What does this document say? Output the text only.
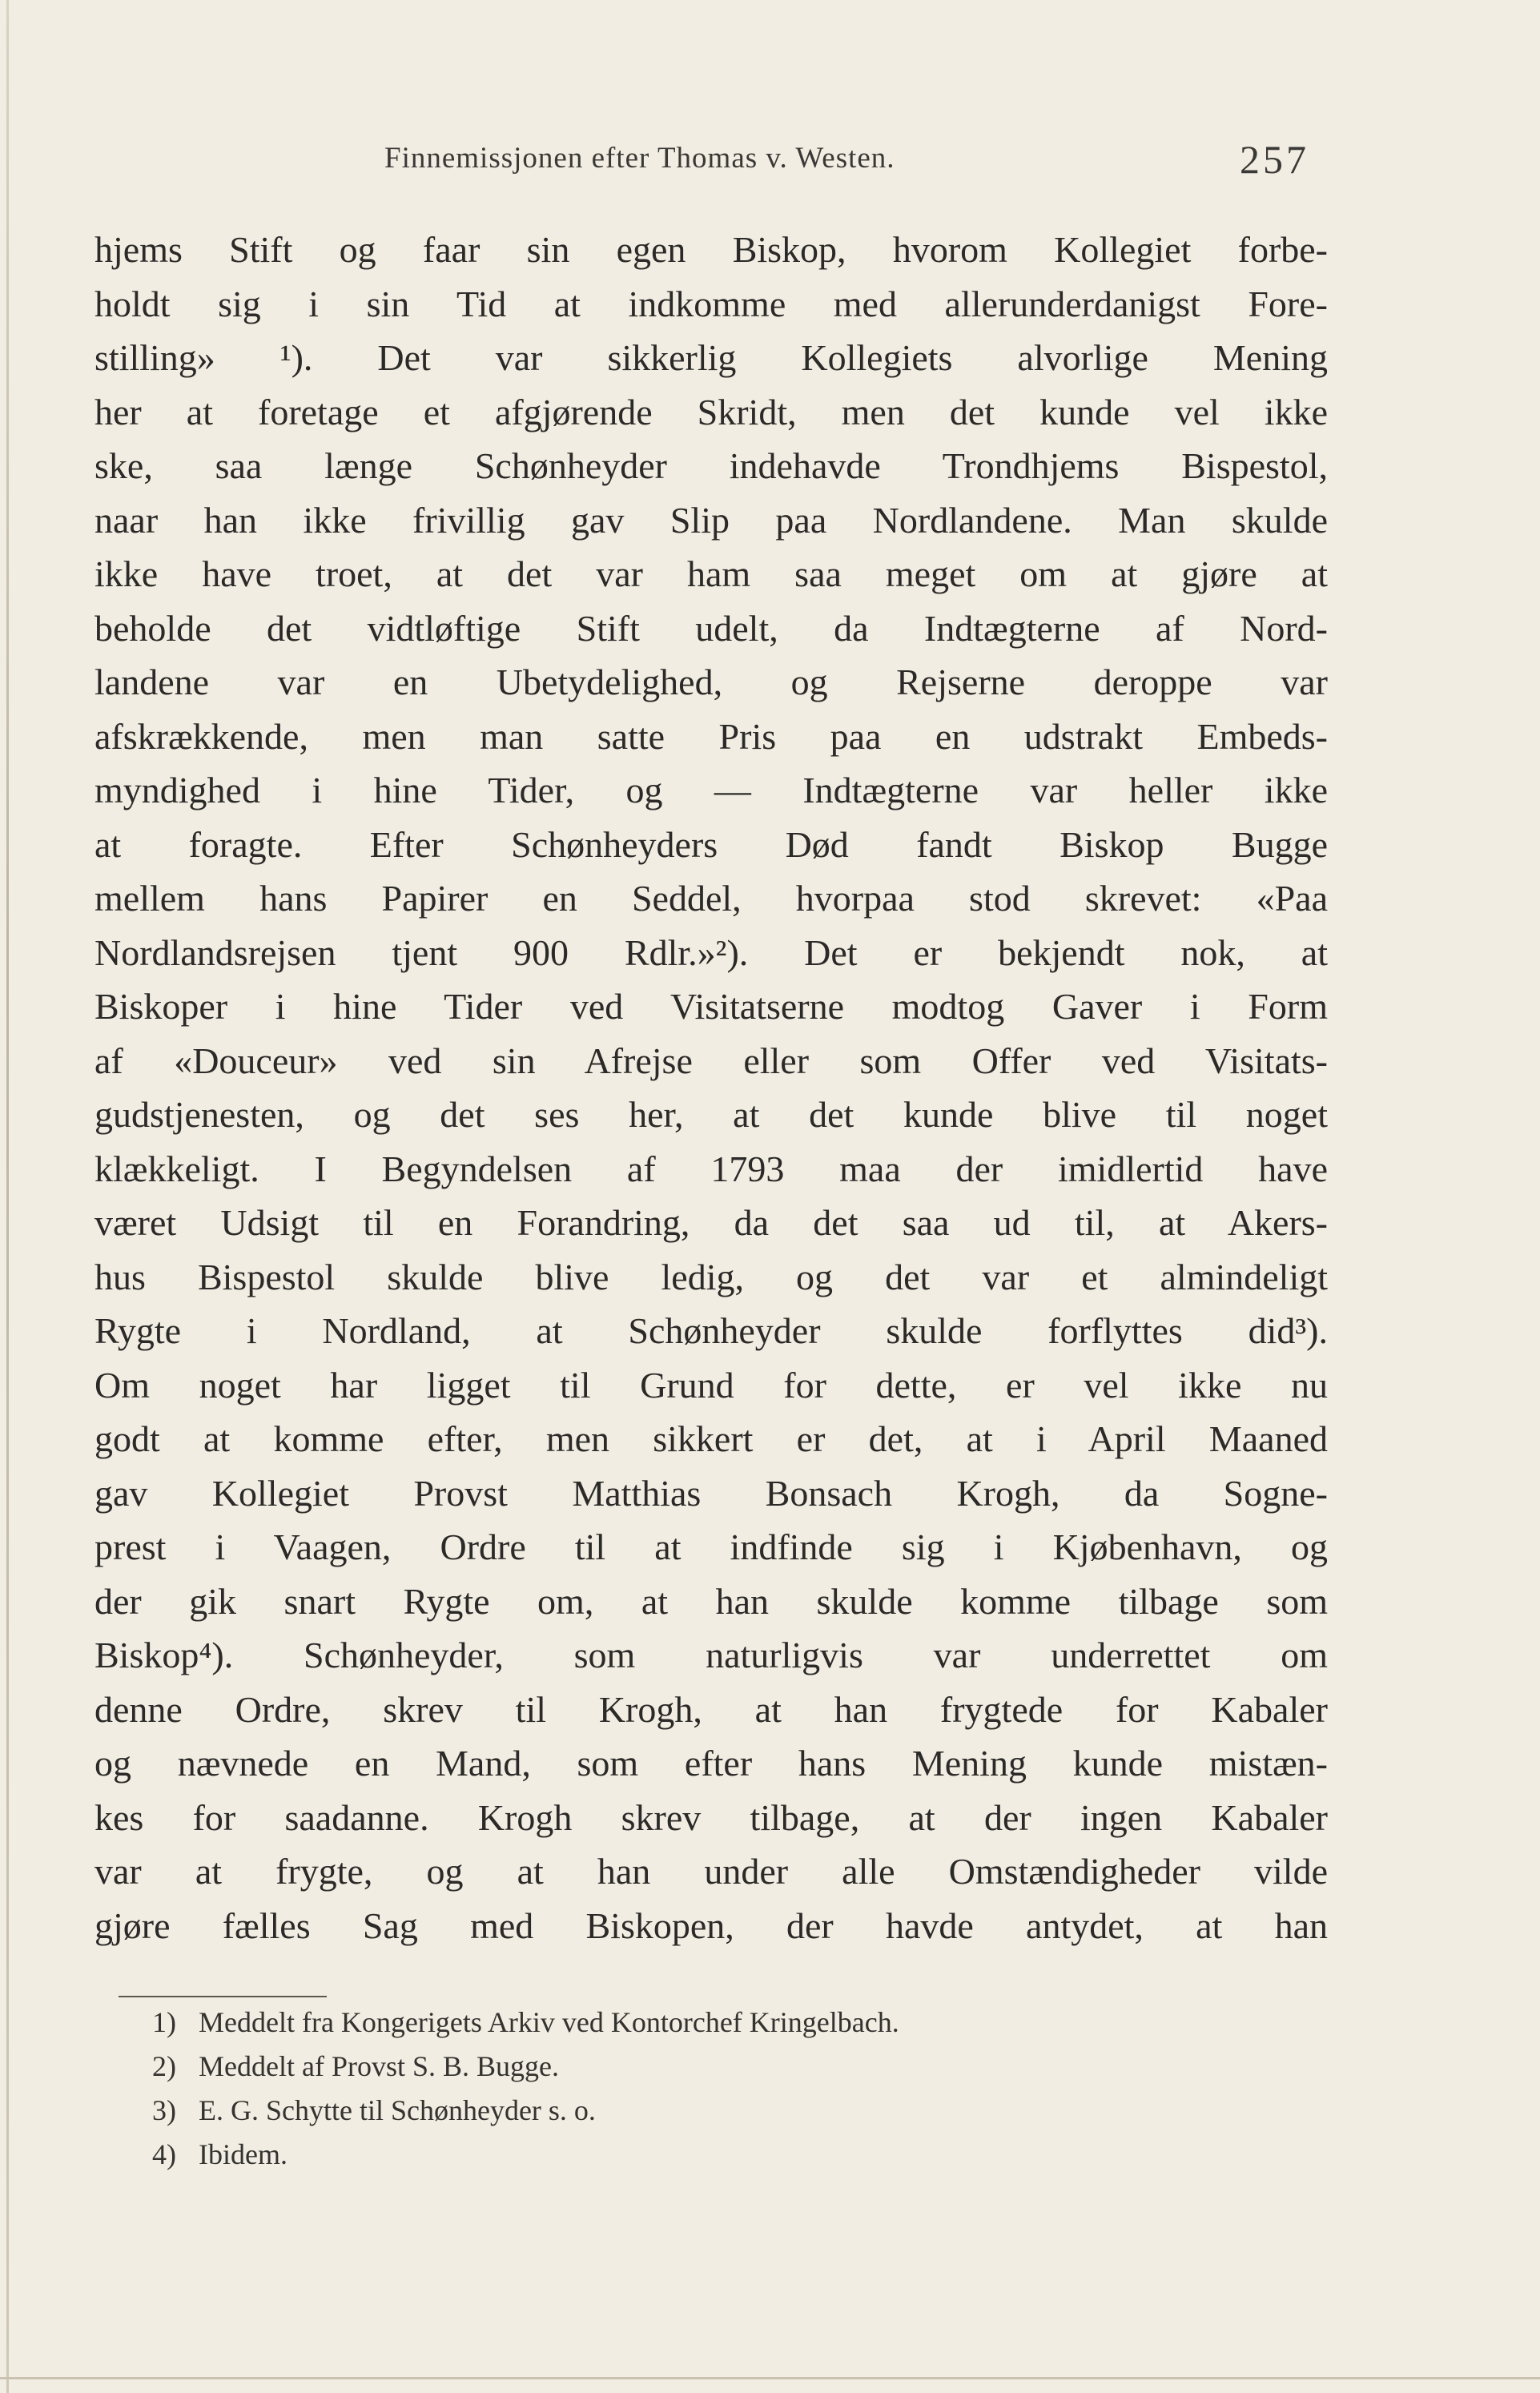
Finnemissjonen efter Thomas v. Westen.	257
hjems Stift og faar sin egen Biskop, hvorom Kollegiet forbe-
holdt sig i sin Tid at indkomme med allerunderdanigst Fore-
stilling» ¹). Det var sikkerlig Kollegiets alvorlige Mening
her at foretage et afgjørende Skridt, men det kunde vel ikke
ske, saa længe Schønheyder indehavde Trondhjems Bispestol,
naar han ikke frivillig gav Slip paa Nordlandene. Man skulde
ikke have troet, at det var ham saa meget om at gjøre at
beholde det vidtløftige Stift udelt, da Indtægterne af Nord-
landene var en Ubetydelighed, og Rejserne deroppe var
afskrækkende, men man satte Pris paa en udstrakt Embeds-
myndighed i hine Tider, og — Indtægterne var heller ikke
at foragte. Efter Schønheyders Død fandt Biskop Bugge
mellem hans Papirer en Seddel, hvorpaa stod skrevet: «Paa
Nordlandsrejsen tjent 900 Rdlr.»²). Det er bekjendt nok, at
Biskoper i hine Tider ved Visitatserne modtog Gaver i Form
af «Douceur» ved sin Afrejse eller som Offer ved Visitats-
gudstjenesten, og det ses her, at det kunde blive til noget
klækkeligt. I Begyndelsen af 1793 maa der imidlertid have
været Udsigt til en Forandring, da det saa ud til, at Akers-
hus Bispestol skulde blive ledig, og det var et almindeligt
Rygte i Nordland, at Schønheyder skulde forflyttes did³).
Om noget har ligget til Grund for dette, er vel ikke nu
godt at komme efter, men sikkert er det, at i April Maaned
gav Kollegiet Provst Matthias Bonsach Krogh, da Sogne-
prest i Vaagen, Ordre til at indfinde sig i Kjøbenhavn, og
der gik snart Rygte om, at han skulde komme tilbage som
Biskop⁴). Schønheyder, som naturligvis var underrettet om
denne Ordre, skrev til Krogh, at han frygtede for Kabaler
og nævnede en Mand, som efter hans Mening kunde mistæn-
kes for saadanne. Krogh skrev tilbage, at der ingen Kabaler
var at frygte, og at han under alle Omstændigheder vilde
gjøre fælles Sag med Biskopen, der havde antydet, at han
1) Meddelt fra Kongerigets Arkiv ved Kontorchef Kringelbach.
2) Meddelt af Provst S. B. Bugge.
3) E. G. Schytte til Schønheyder s. o.
4) Ibidem.
